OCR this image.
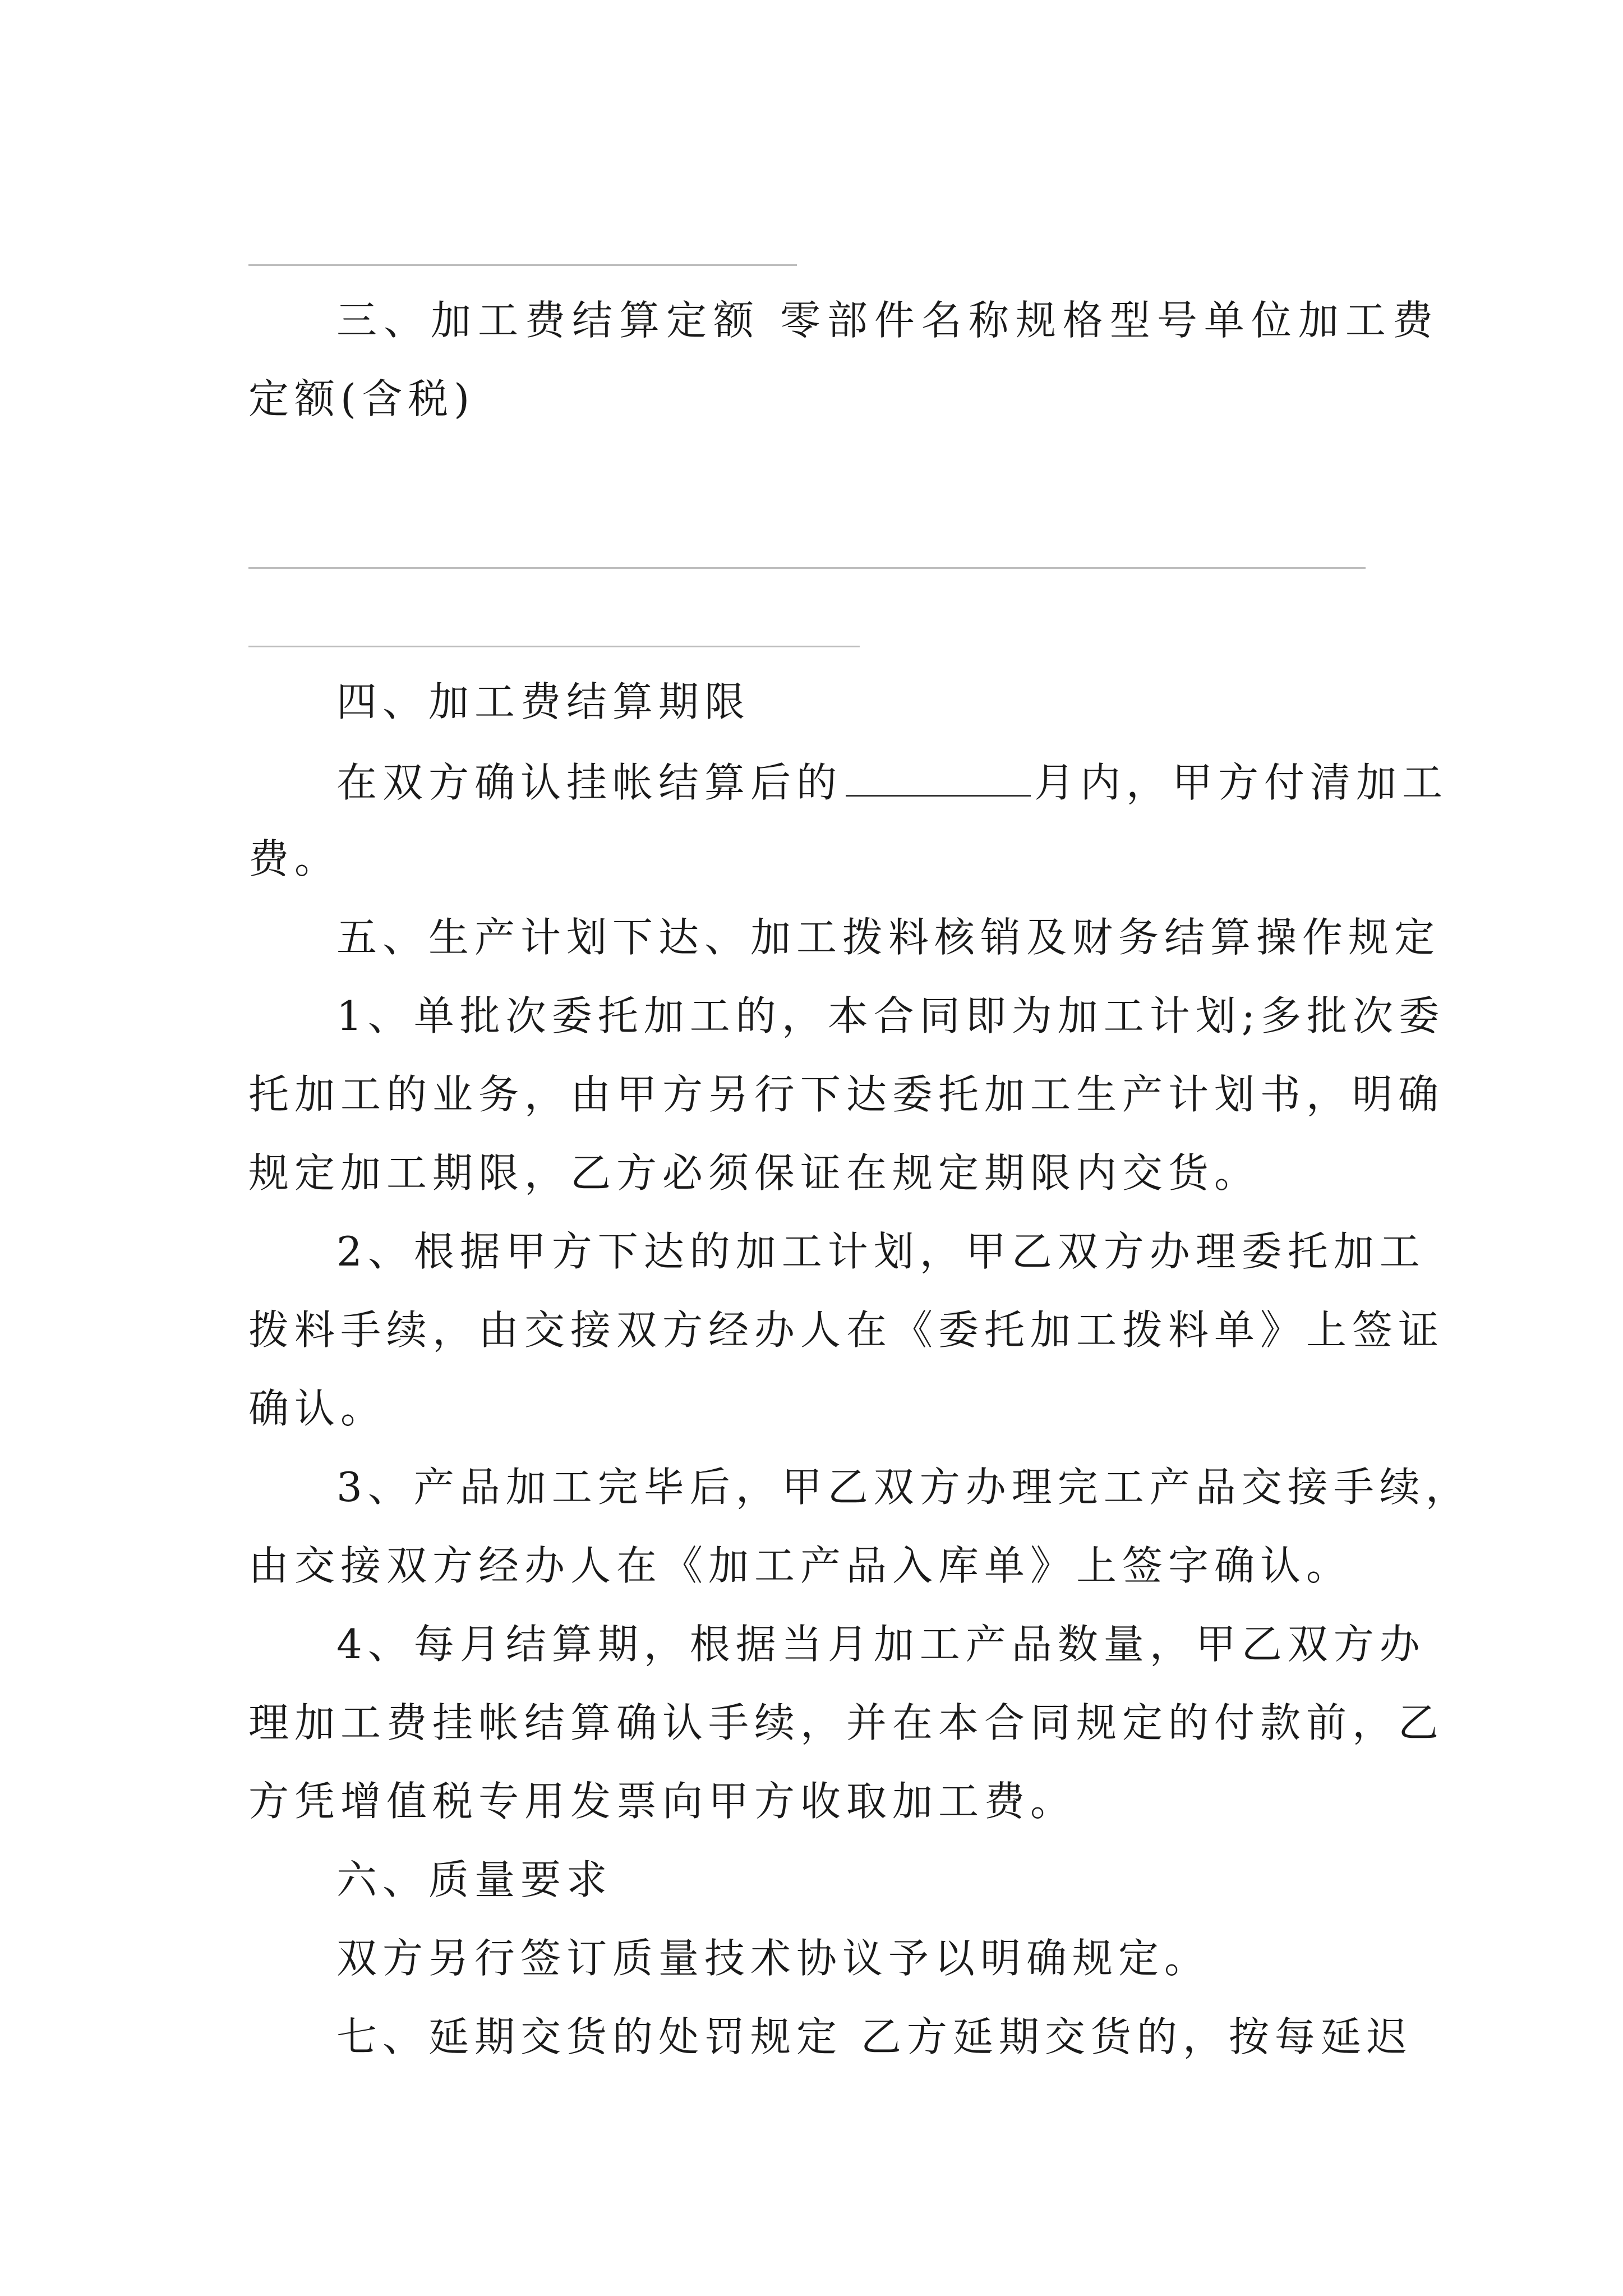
三、加工费结算定额 零部件名称规格型号单位加工费

定额(含税)

四、加工费结算期限

在双方确认挂帐结算后的	月内，甲方付清加工

费。

五、生产计划下达、加工拨料核销及财务结算操作规定

1、单批次委托加工的，本合同即为加工计划;多批次委

托加工的业务，由甲方另行下达委托加工生产计划书，明确

规定加工期限，乙方必须保证在规定期限内交货。

2、根据甲方下达的加工计划，甲乙双方办理委托加工

拨料手续，由交接双方经办人在《委托加工拨料单》上签证

确认。

3、产品加工完毕后，甲乙双方办理完工产品交接手续，

由交接双方经办人在《加工产品入库单》上签字确认。

4、每月结算期，根据当月加工产品数量，甲乙双方办

理加工费挂帐结算确认手续，并在本合同规定的付款前，乙

方凭增值税专用发票向甲方收取加工费。

六、质量要求

双方另行签订质量技术协议予以明确规定。

七、延期交货的处罚规定 乙方延期交货的，按每延迟
